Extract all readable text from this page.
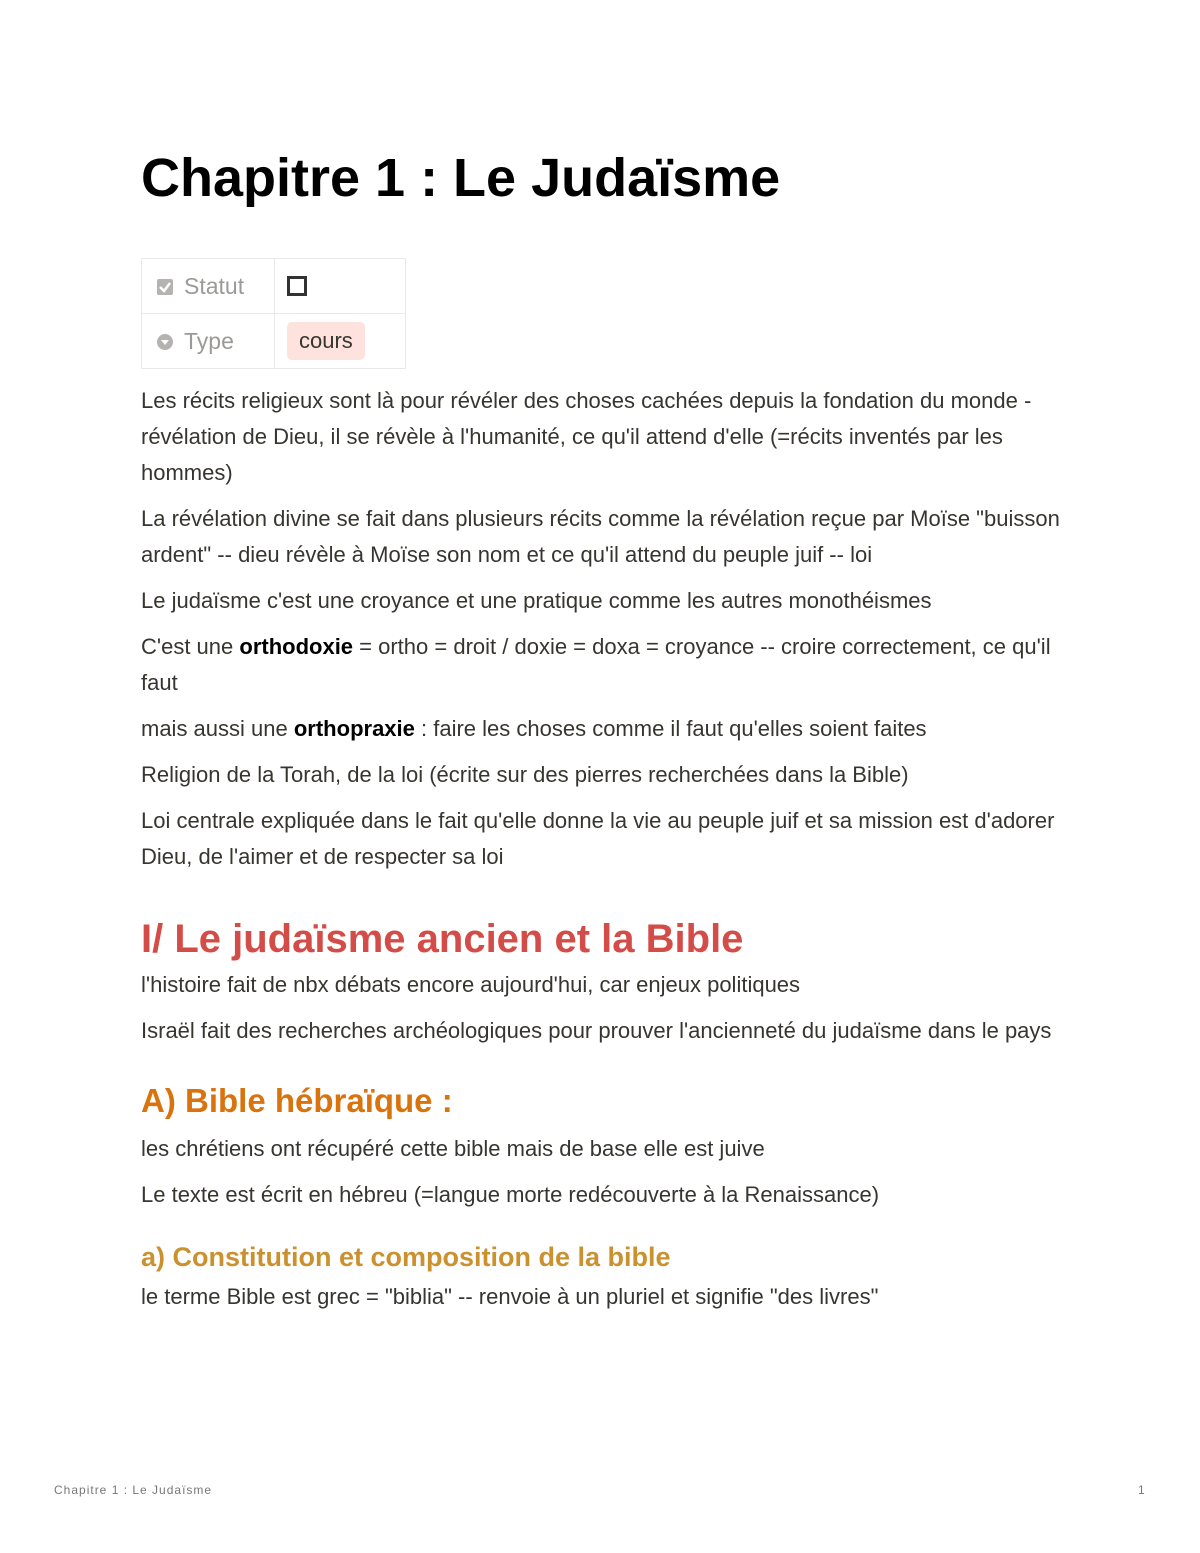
Chapitre 1 : Le Judaïsme
Statut	
Type	cours

Les récits religieux sont là pour révéler des choses cachées depuis la fondation du monde - révélation de Dieu, il se révèle à l'humanité, ce qu'il attend d'elle (=récits inventés par les hommes)

La révélation divine se fait dans plusieurs récits comme la révélation reçue par Moïse "buisson ardent" -- dieu révèle à Moïse son nom et ce qu'il attend du peuple juif -- loi

Le judaïsme c'est une croyance et une pratique comme les autres monothéismes

C'est une orthodoxie = ortho = droit / doxie = doxa = croyance -- croire correctement, ce qu'il faut

mais aussi une orthopraxie : faire les choses comme il faut qu'elles soient faites

Religion de la Torah, de la loi (écrite sur des pierres recherchées dans la Bible)

Loi centrale expliquée dans le fait qu'elle donne la vie au peuple juif et sa mission est d'adorer Dieu, de l'aimer et de respecter sa loi

I/ Le judaïsme ancien et la Bible

l'histoire fait de nbx débats encore aujourd'hui, car enjeux politiques

Israël fait des recherches archéologiques pour prouver l'ancienneté du judaïsme dans le pays

A) Bible hébraïque :

les chrétiens ont récupéré cette bible mais de base elle est juive

Le texte est écrit en hébreu (=langue morte redécouverte à la Renaissance)

a) Constitution et composition de la bible

le terme Bible est grec = "biblia" -- renvoie à un pluriel et signifie "des livres"

Chapitre 1 : Le Judaïsme	1
